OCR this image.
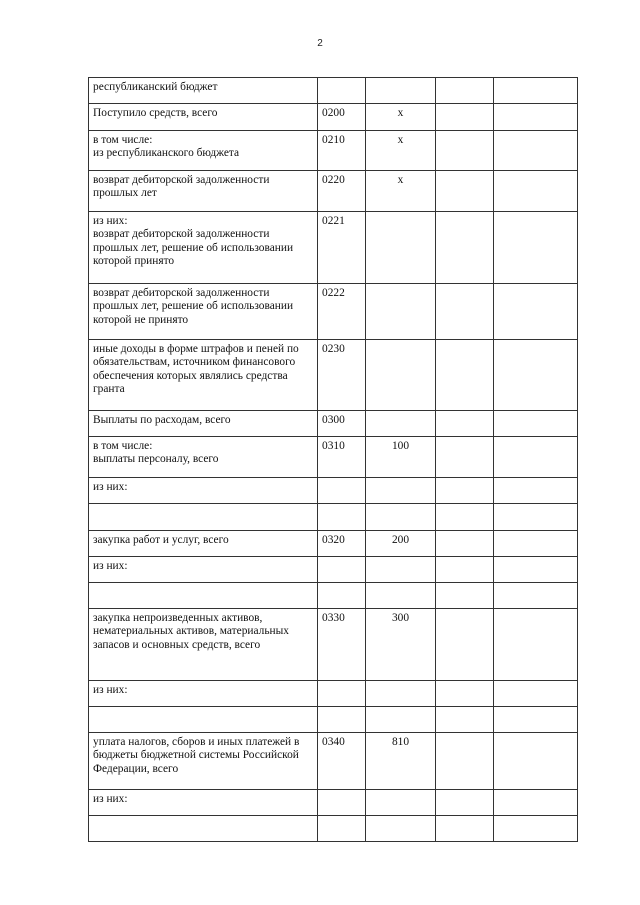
2
республиканский бюджет				
Поступило средств, всего	0200	х		
в том числе:
из республиканского бюджета	0210	х		
возврат дебиторской задолженности прошлых лет	0220	х		
из них:
возврат дебиторской задолженности прошлых лет, решение об использовании которой принято	0221			
возврат дебиторской задолженности прошлых лет, решение об использовании которой не принято	0222			
иные доходы в форме штрафов и пеней по обязательствам, источником финансового обеспечения которых являлись средства гранта	0230			
Выплаты по расходам, всего	0300			
в том числе:
выплаты персоналу, всего	0310	100		
из них:				

закупка работ и услуг, всего	0320	200		
из них:				

закупка непроизведенных активов, нематериальных активов, материальных запасов и основных средств, всего	0330	300		
из них:				

уплата налогов, сборов и иных платежей в бюджеты бюджетной системы Российской Федерации, всего	0340	810		
из них:				
